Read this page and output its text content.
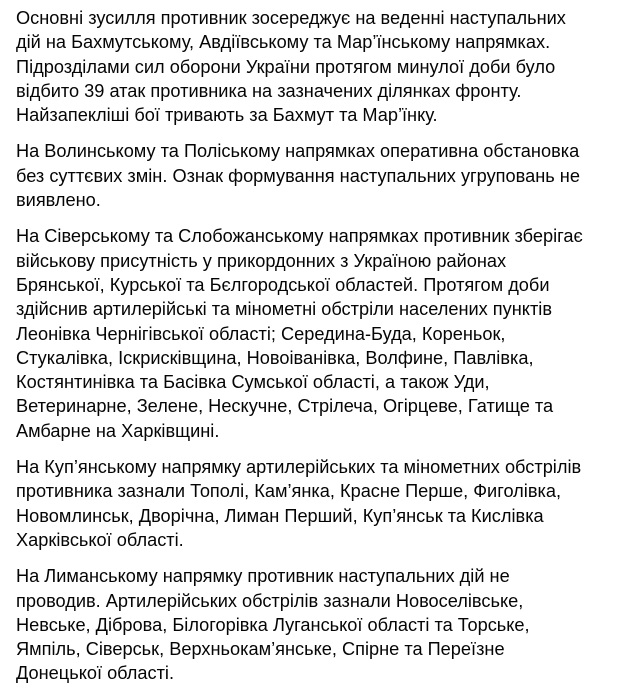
Основні зусилля противник зосереджує на веденні наступальних
дій на Бахмутському, Авдіївському та Мар’їнському напрямках.
Підрозділами сил оборони України протягом минулої доби було
відбито 39 атак противника на зазначених ділянках фронту.
Найзапекліші бої тривають за Бахмут та Мар’їнку.

На Волинському та Поліському напрямках оперативна обстановка
без суттєвих змін. Ознак формування наступальних угруповань не
виявлено.

На Сіверському та Слобожанському напрямках противник зберігає
військову присутність у прикордонних з Україною районах
Брянської, Курської та Бєлгородської областей. Протягом доби
здійснив артилерійські та мінометні обстріли населених пунктів
Леонівка Чернігівської області; Середина-Буда, Кореньок,
Стукалівка, Іскрисківщина, Новоіванівка, Волфине, Павлівка,
Костянтинівка та Басівка Сумської області, а також Уди,
Ветеринарне, Зелене, Нескучне, Стрілеча, Огірцеве, Гатище та
Амбарне на Харківщині.

На Куп’янському напрямку артилерійських та мінометних обстрілів
противника зазнали Тополі, Кам’янка, Красне Перше, Фиголівка,
Новомлинськ, Дворічна, Лиман Перший, Куп’янськ та Кислівка
Харківської області.

На Лиманському напрямку противник наступальних дій не
проводив. Артилерійських обстрілів зазнали Новоселівське,
Невське, Діброва, Білогорівка Луганської області та Торське,
Ямпіль, Сіверськ, Верхньокам’янське, Спірне та Переїзне
Донецької області.
